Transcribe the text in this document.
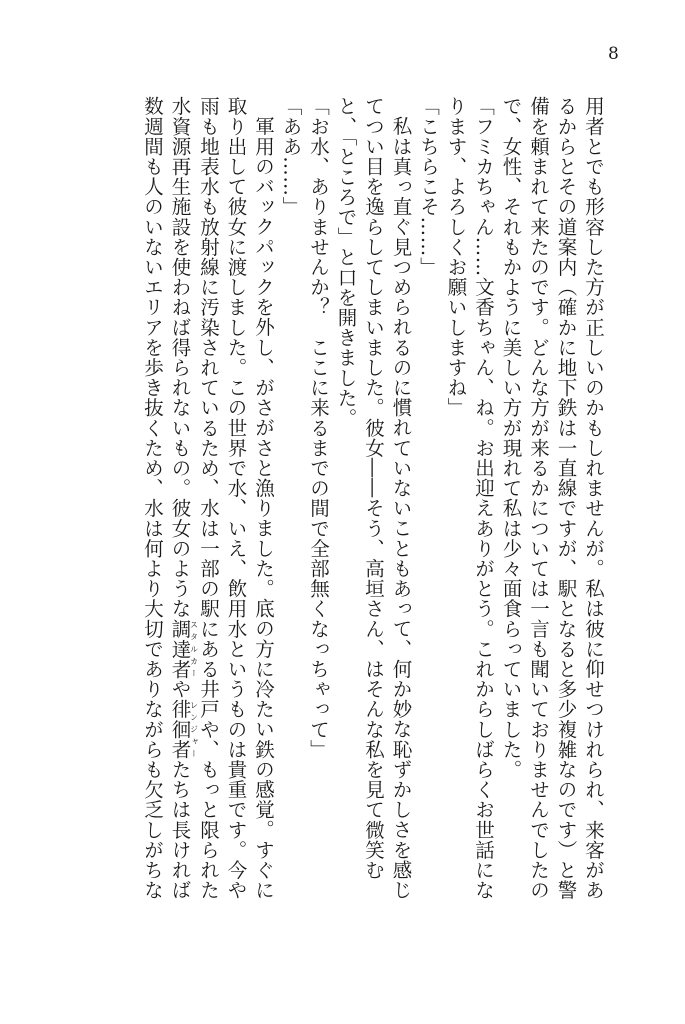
8

用者とでも形容した方が正しいのかもしれませんが。私は彼に仰せつけれられ、来客があるからとその道案内（確かに地下鉄は一直線ですが、駅となると多少複雑なのです）と警備を頼まれて来たのです。どんな方が来るかについては一言も聞いておりませんでしたので、女性、それもかように美しい方が現れて私は少々面食らっていました。

「フミカちゃん……文香ちゃん、ね。お出迎えありがとう。これからしばらくお世話になります、よろしくお願いしますね」

「こちらこそ……」

私は真っ直ぐ見つめられるのに慣れていないこともあって、何か妙な恥ずかしさを感じてつい目を逸らしてしまいました。彼女――そう、高垣さん、はそんな私を見て微笑むと、「ところで」と口を開きました。

「お水、ありませんか？　ここに来るまでの間で全部無くなっちゃって」

「ああ……」

軍用のバックパックを外し、がさがさと漁りました。底の方に冷たい鉄の感覚。すぐに取り出して彼女に渡しました。この世界で水、いえ、飲用水というものは貴重です。今や雨も地表水も放射線に汚染されているため、水は一部の駅にある井戸や、もっと限られた水資源再生施設を使わねば得られないもの。彼女のような調達者スタルカーや徘徊者レンジャーたちは長ければ数週間も人のいないエリアを歩き抜くため、水は何より大切でありながらも欠乏しがちな
